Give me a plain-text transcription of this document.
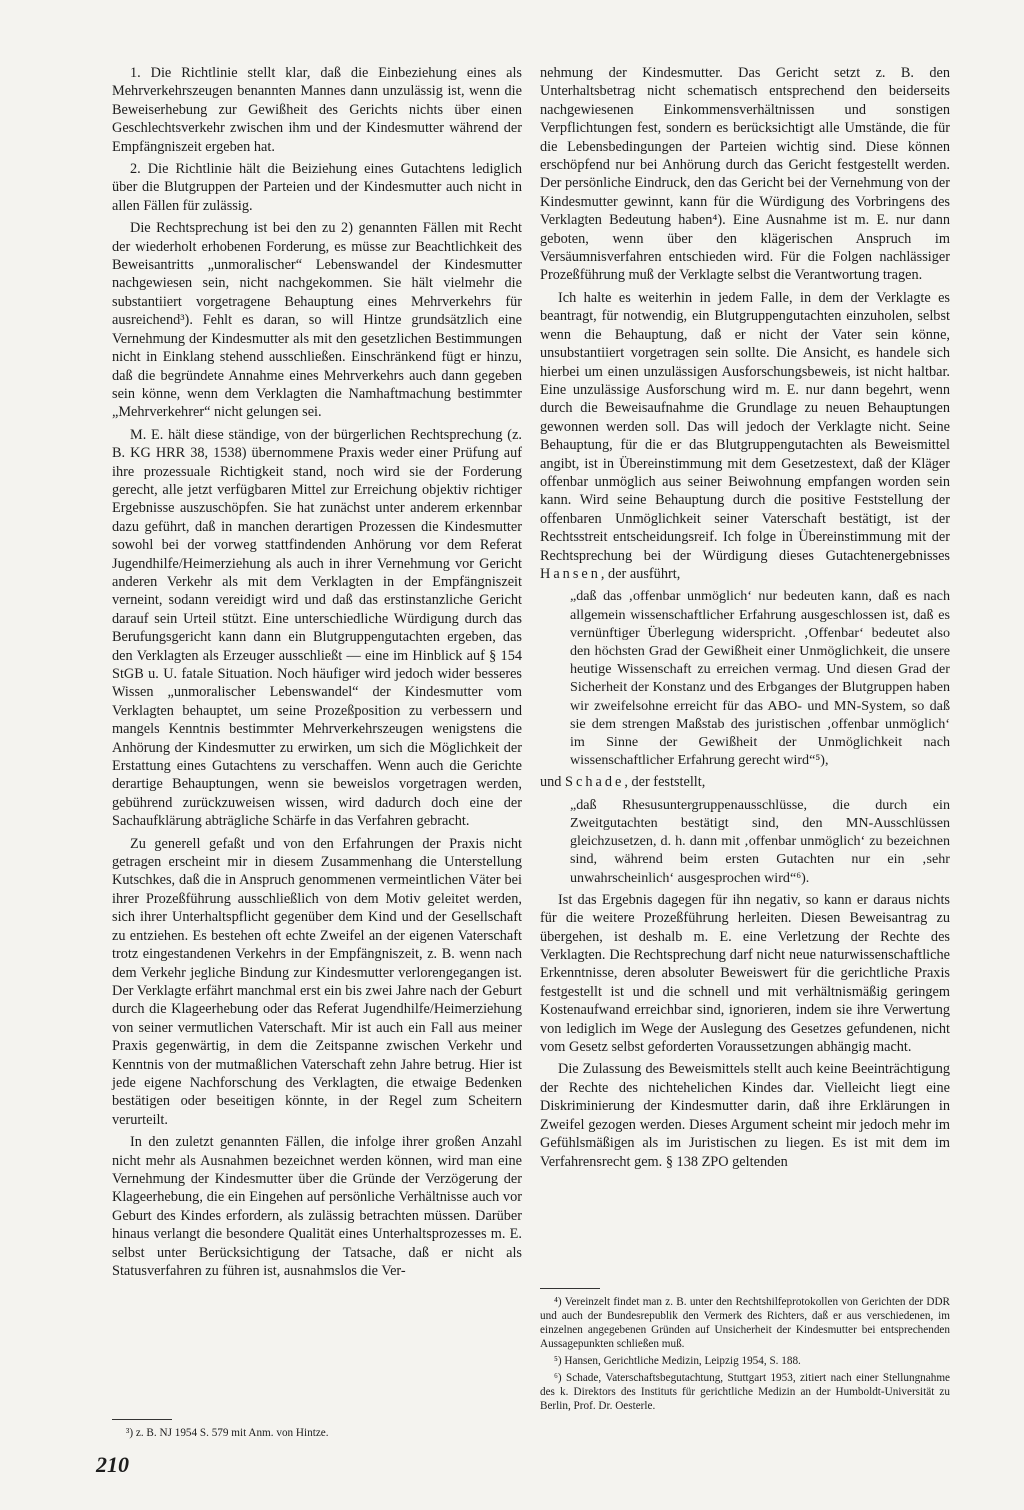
1. Die Richtlinie stellt klar, daß die Einbeziehung eines als Mehrverkehrszeugen benannten Mannes dann unzulässig ist, wenn die Beweiserhebung zur Gewißheit des Gerichts nichts über einen Geschlechtsverkehr zwischen ihm und der Kindesmutter während der Empfängniszeit ergeben hat.

2. Die Richtlinie hält die Beiziehung eines Gutachtens lediglich über die Blutgruppen der Parteien und der Kindesmutter auch nicht in allen Fällen für zulässig.

Die Rechtsprechung ist bei den zu 2) genannten Fällen mit Recht der wiederholt erhobenen Forderung, es müsse zur Beachtlichkeit des Beweisantritts „unmoralischer“ Lebenswandel der Kindesmutter nachgewiesen sein, nicht nachgekommen. Sie hält vielmehr die substantiiert vorgetragene Behauptung eines Mehrverkehrs für ausreichend³). Fehlt es daran, so will Hintze grundsätzlich eine Vernehmung der Kindesmutter als mit den gesetzlichen Bestimmungen nicht in Einklang stehend ausschließen. Einschränkend fügt er hinzu, daß die begründete Annahme eines Mehrverkehrs auch dann gegeben sein könne, wenn dem Verklagten die Namhaftmachung bestimmter „Mehrverkehrer“ nicht gelungen sei.

M. E. hält diese ständige, von der bürgerlichen Rechtsprechung (z. B. KG HRR 38, 1538) übernommene Praxis weder einer Prüfung auf ihre prozessuale Richtigkeit stand, noch wird sie der Forderung gerecht, alle jetzt verfügbaren Mittel zur Erreichung objektiv richtiger Ergebnisse auszuschöpfen. Sie hat zunächst unter anderem erkennbar dazu geführt, daß in manchen derartigen Prozessen die Kindesmutter sowohl bei der vorweg stattfindenden Anhörung vor dem Referat Jugendhilfe/Heimerziehung als auch in ihrer Vernehmung vor Gericht anderen Verkehr als mit dem Verklagten in der Empfängniszeit verneint, sodann vereidigt wird und daß das erstinstanzliche Gericht darauf sein Urteil stützt. Eine unterschiedliche Würdigung durch das Berufungsgericht kann dann ein Blutgruppengutachten ergeben, das den Verklagten als Erzeuger ausschließt — eine im Hinblick auf § 154 StGB u. U. fatale Situation. Noch häufiger wird jedoch wider besseres Wissen „unmoralischer Lebenswandel“ der Kindesmutter vom Verklagten behauptet, um seine Prozeßposition zu verbessern und mangels Kenntnis bestimmter Mehrverkehrszeugen wenigstens die Anhörung der Kindesmutter zu erwirken, um sich die Möglichkeit der Erstattung eines Gutachtens zu verschaffen. Wenn auch die Gerichte derartige Behauptungen, wenn sie beweislos vorgetragen werden, gebührend zurückzuweisen wissen, wird dadurch doch eine der Sachaufklärung abträgliche Schärfe in das Verfahren gebracht.

Zu generell gefaßt und von den Erfahrungen der Praxis nicht getragen erscheint mir in diesem Zusammenhang die Unterstellung Kutschkes, daß die in Anspruch genommenen vermeintlichen Väter bei ihrer Prozeßführung ausschließlich von dem Motiv geleitet werden, sich ihrer Unterhaltspflicht gegenüber dem Kind und der Gesellschaft zu entziehen. Es bestehen oft echte Zweifel an der eigenen Vaterschaft trotz eingestandenen Verkehrs in der Empfängniszeit, z. B. wenn nach dem Verkehr jegliche Bindung zur Kindesmutter verlorengegangen ist. Der Verklagte erfährt manchmal erst ein bis zwei Jahre nach der Geburt durch die Klageerhebung oder das Referat Jugendhilfe/Heimerziehung von seiner vermutlichen Vaterschaft. Mir ist auch ein Fall aus meiner Praxis gegenwärtig, in dem die Zeitspanne zwischen Verkehr und Kenntnis von der mutmaßlichen Vaterschaft zehn Jahre betrug. Hier ist jede eigene Nachforschung des Verklagten, die etwaige Bedenken bestätigen oder beseitigen könnte, in der Regel zum Scheitern verurteilt.

In den zuletzt genannten Fällen, die infolge ihrer großen Anzahl nicht mehr als Ausnahmen bezeichnet werden können, wird man eine Vernehmung der Kindesmutter über die Gründe der Verzögerung der Klageerhebung, die ein Eingehen auf persönliche Verhältnisse auch vor Geburt des Kindes erfordern, als zulässig betrachten müssen. Darüber hinaus verlangt die besondere Qualität eines Unterhaltsprozesses m. E. selbst unter Berücksichtigung der Tatsache, daß er nicht als Statusverfahren zu führen ist, ausnahmslos die Ver-

³) z. B. NJ 1954 S. 579 mit Anm. von Hintze.

nehmung der Kindesmutter. Das Gericht setzt z. B. den Unterhaltsbetrag nicht schematisch entsprechend den beiderseits nachgewiesenen Einkommensverhältnissen und sonstigen Verpflichtungen fest, sondern es berücksichtigt alle Umstände, die für die Lebensbedingungen der Parteien wichtig sind. Diese können erschöpfend nur bei Anhörung durch das Gericht festgestellt werden. Der persönliche Eindruck, den das Gericht bei der Vernehmung von der Kindesmutter gewinnt, kann für die Würdigung des Vorbringens des Verklagten Bedeutung haben⁴). Eine Ausnahme ist m. E. nur dann geboten, wenn über den klägerischen Anspruch im Versäumnisverfahren entschieden wird. Für die Folgen nachlässiger Prozeßführung muß der Verklagte selbst die Verantwortung tragen.

Ich halte es weiterhin in jedem Falle, in dem der Verklagte es beantragt, für notwendig, ein Blutgruppengutachten einzuholen, selbst wenn die Behauptung, daß er nicht der Vater sein könne, unsubstantiiert vorgetragen sein sollte. Die Ansicht, es handele sich hierbei um einen unzulässigen Ausforschungsbeweis, ist nicht haltbar. Eine unzulässige Ausforschung wird m. E. nur dann begehrt, wenn durch die Beweisaufnahme die Grundlage zu neuen Behauptungen gewonnen werden soll. Das will jedoch der Verklagte nicht. Seine Behauptung, für die er das Blutgruppengutachten als Beweismittel angibt, ist in Übereinstimmung mit dem Gesetzestext, daß der Kläger offenbar unmöglich aus seiner Beiwohnung empfangen worden sein kann. Wird seine Behauptung durch die positive Feststellung der offenbaren Unmöglichkeit seiner Vaterschaft bestätigt, ist der Rechtsstreit entscheidungsreif. Ich folge in Übereinstimmung mit der Rechtsprechung bei der Würdigung dieses Gutachtenergebnisses Hansen, der ausführt,

„daß das ‚offenbar unmöglich‘ nur bedeuten kann, daß es nach allgemein wissenschaftlicher Erfahrung ausgeschlossen ist, daß es vernünftiger Überlegung widerspricht. ‚Offenbar‘ bedeutet also den höchsten Grad der Gewißheit einer Unmöglichkeit, die unsere heutige Wissenschaft zu erreichen vermag. Und diesen Grad der Sicherheit der Konstanz und des Erbganges der Blutgruppen haben wir zweifelsohne erreicht für das ABO- und MN-System, so daß sie dem strengen Maßstab des juristischen ‚offenbar unmöglich‘ im Sinne der Gewißheit der Unmöglichkeit nach wissenschaftlicher Erfahrung gerecht wird“⁵),

und Schade, der feststellt,

„daß Rhesusuntergruppenausschlüsse, die durch ein Zweitgutachten bestätigt sind, den MN-Ausschlüssen gleichzusetzen, d. h. dann mit ‚offenbar unmöglich‘ zu bezeichnen sind, während beim ersten Gutachten nur ein ‚sehr unwahrscheinlich‘ ausgesprochen wird“⁶).

Ist das Ergebnis dagegen für ihn negativ, so kann er daraus nichts für die weitere Prozeßführung herleiten. Diesen Beweisantrag zu übergehen, ist deshalb m. E. eine Verletzung der Rechte des Verklagten. Die Rechtsprechung darf nicht neue naturwissenschaftliche Erkenntnisse, deren absoluter Beweiswert für die gerichtliche Praxis festgestellt ist und die schnell und mit verhältnismäßig geringem Kostenaufwand erreichbar sind, ignorieren, indem sie ihre Verwertung von lediglich im Wege der Auslegung des Gesetzes gefundenen, nicht vom Gesetz selbst geforderten Voraussetzungen abhängig macht.

Die Zulassung des Beweismittels stellt auch keine Beeinträchtigung der Rechte des nichtehelichen Kindes dar. Vielleicht liegt eine Diskriminierung der Kindesmutter darin, daß ihre Erklärungen in Zweifel gezogen werden. Dieses Argument scheint mir jedoch mehr im Gefühlsmäßigen als im Juristischen zu liegen. Es ist mit dem im Verfahrensrecht gem. § 138 ZPO geltenden

⁴) Vereinzelt findet man z. B. unter den Rechtshilfeprotokollen von Gerichten der DDR und auch der Bundesrepublik den Vermerk des Richters, daß er aus verschiedenen, im einzelnen angegebenen Gründen auf Unsicherheit der Kindesmutter bei entsprechenden Aussagepunkten schließen muß.

⁵) Hansen, Gerichtliche Medizin, Leipzig 1954, S. 188.

⁶) Schade, Vaterschaftsbegutachtung, Stuttgart 1953, zitiert nach einer Stellungnahme des k. Direktors des Instituts für gerichtliche Medizin an der Humboldt-Universität zu Berlin, Prof. Dr. Oesterle.

210
